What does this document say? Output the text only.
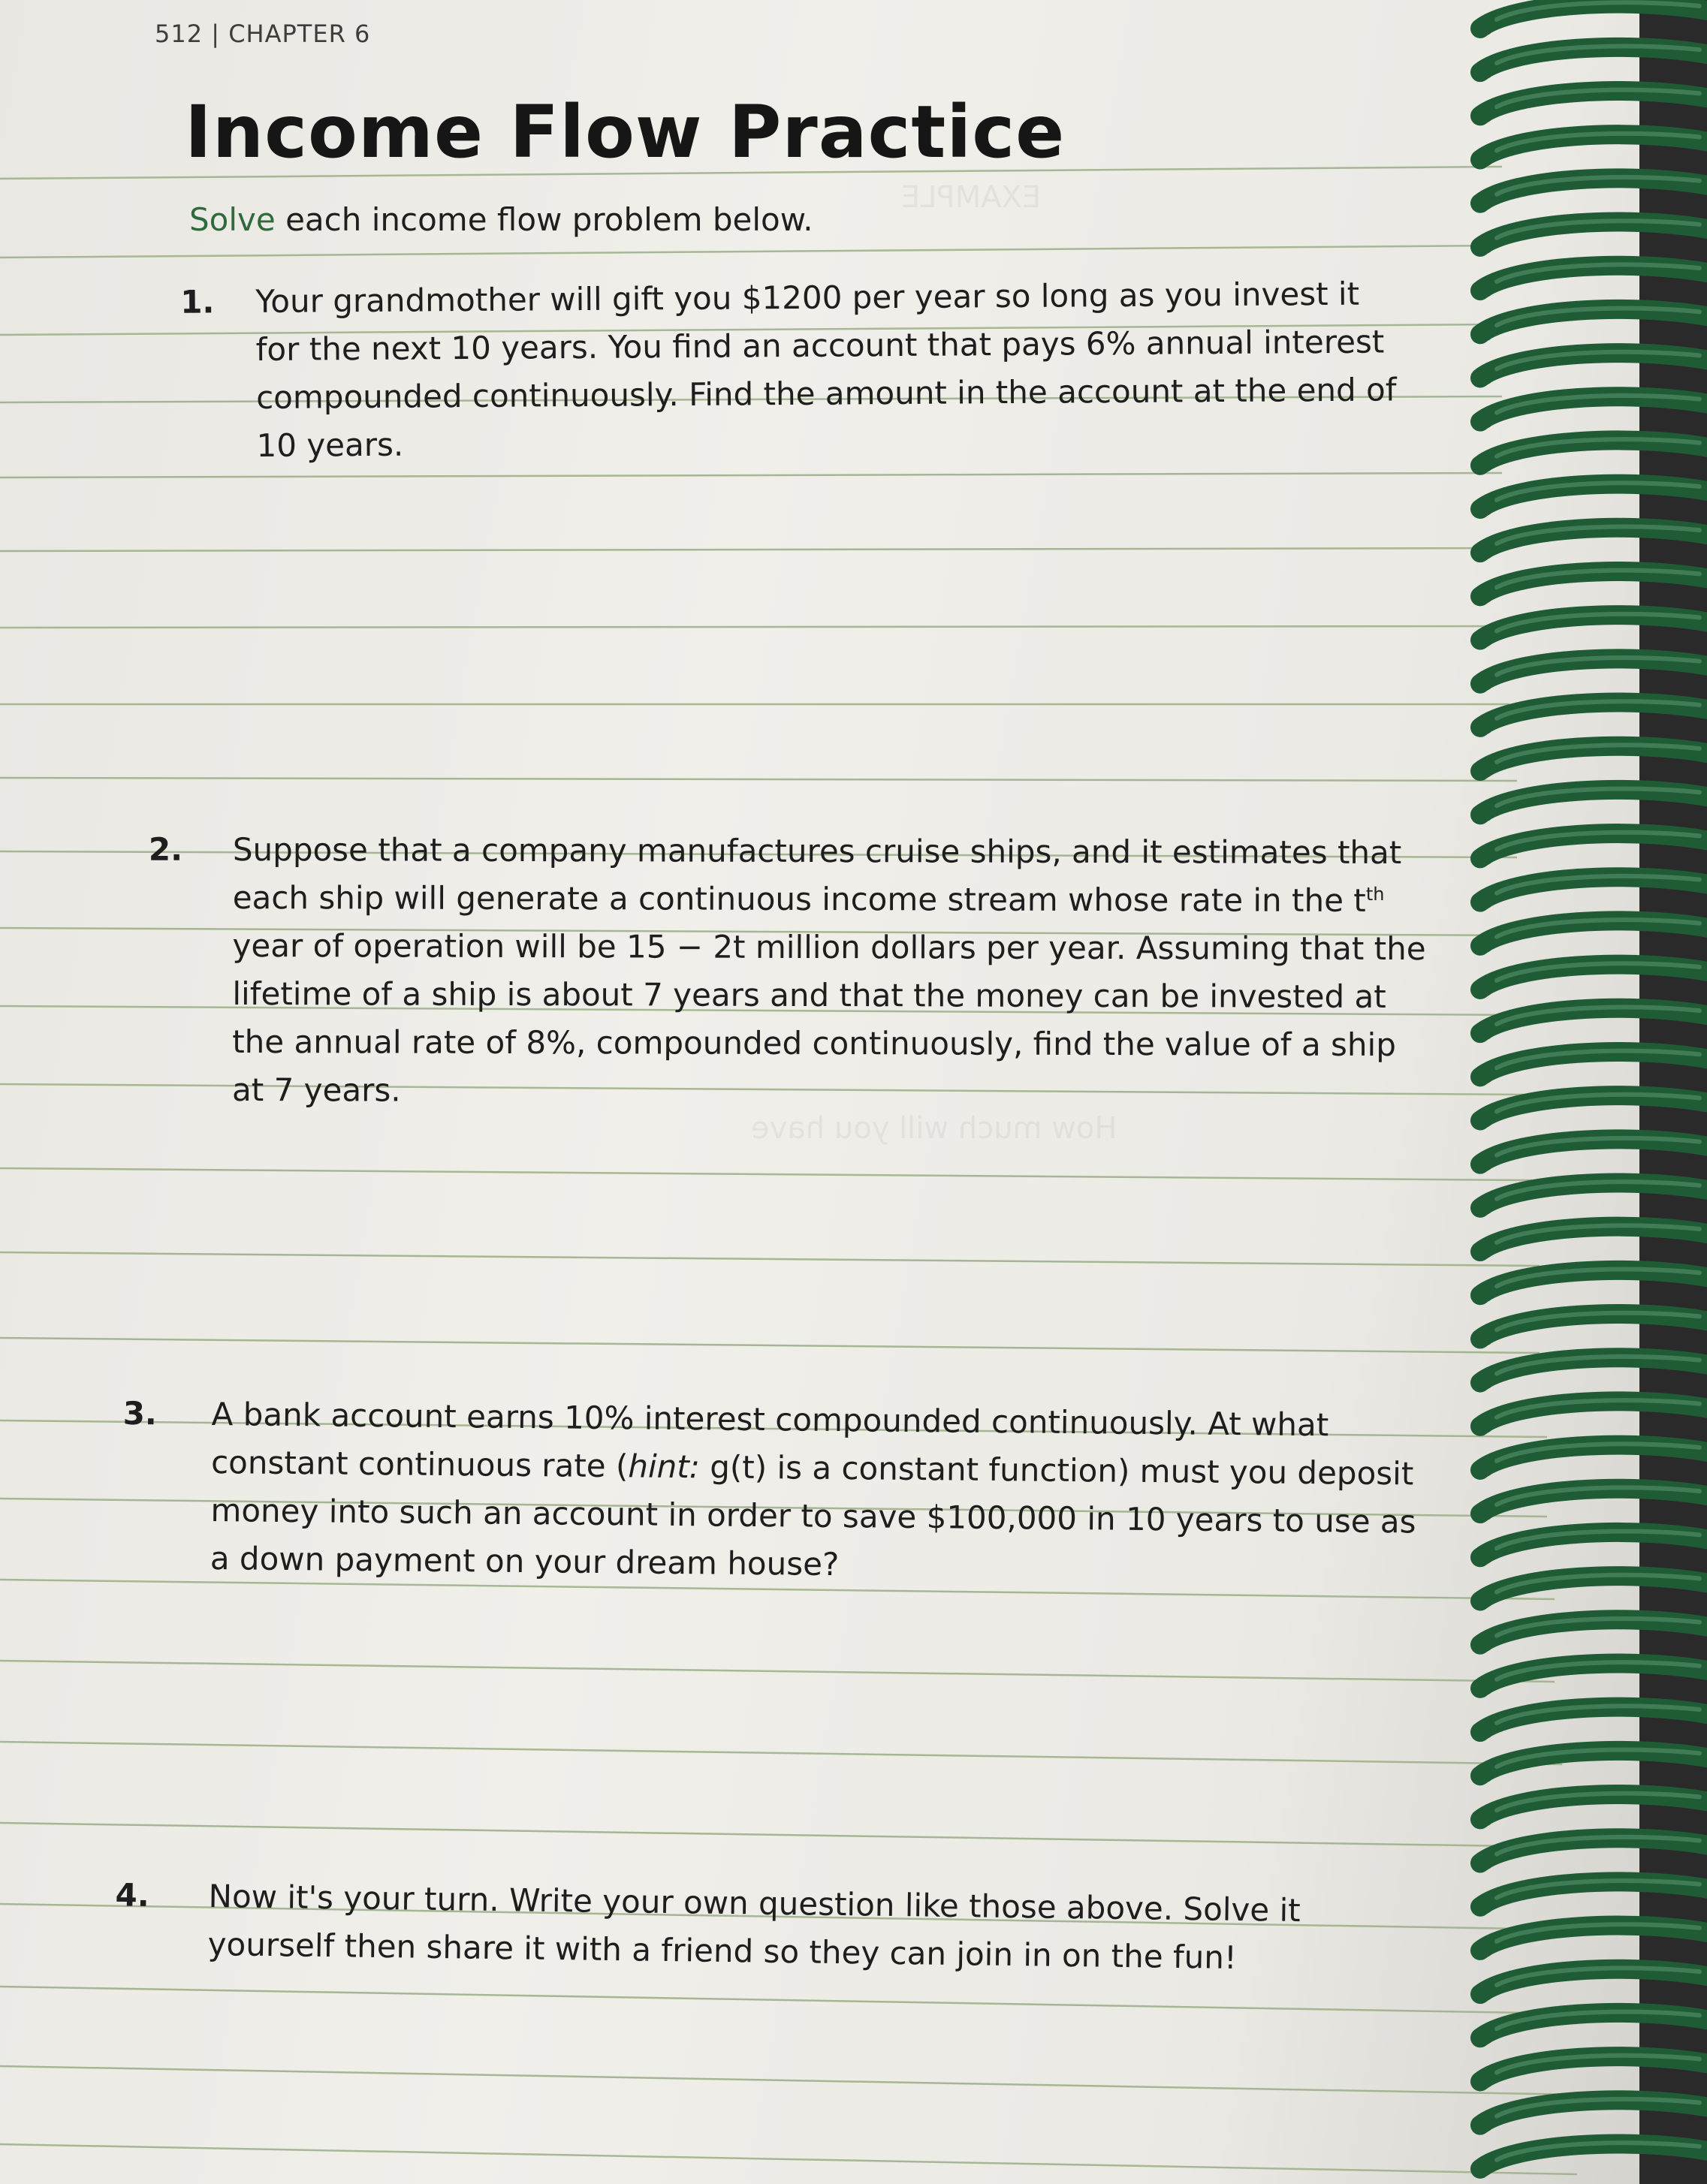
EXAMPLE
How much will you have
512 | CHAPTER 6
Income Flow Practice
Solve each income flow problem below.
1. Your grandmother will gift you $1200 per year so long as you invest it for the next 10 years. You find an account that pays 6% annual interest compounded continuously. Find the amount in the account at the end of 10 years.
2. Suppose that a company manufactures cruise ships, and it estimates that each ship will generate a continuous income stream whose rate in the $t^{th}$ year of operation will be 15 − 2t million dollars per year. Assuming that the lifetime of a ship is about 7 years and that the money can be invested at the annual rate of 8%, compounded continuously, find the value of a ship at 7 years.
3. A bank account earns 10% interest compounded continuously. At what constant continuous rate (hint: g(t) is a constant function) must you deposit money into such an account in order to save $100,000 in 10 years to use as a down payment on your dream house?
4. Now it's your turn. Write your own question like those above. Solve it yourself then share it with a friend so they can join in on the fun!
